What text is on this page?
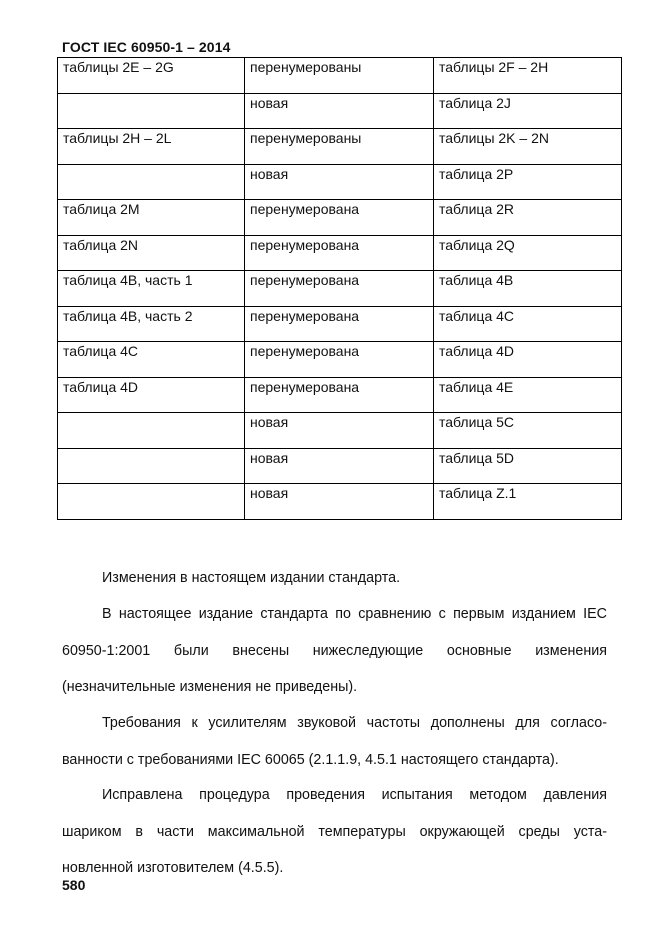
ГОСТ IEC 60950-1 – 2014
таблицы 2E – 2G	перенумерованы	таблицы 2F – 2H
	новая	таблица 2J
таблицы 2H – 2L	перенумерованы	таблицы 2K – 2N
	новая	таблица 2P
таблица 2M	перенумерована	таблица 2R
таблица 2N	перенумерована	таблица 2Q
таблица 4B, часть 1	перенумерована	таблица 4B
таблица 4B, часть 2	перенумерована	таблица 4C
таблица 4C	перенумерована	таблица 4D
таблица 4D	перенумерована	таблица 4E
	новая	таблица 5C
	новая	таблица 5D
	новая	таблица Z.1

Изменения в настоящем издании стандарта.

В настоящее издание стандарта по сравнению с первым изданием IEC 60950-1:2001 были внесены нижеследующие основные изменения (незначительные изменения не приведены).

Требования к усилителям звуковой частоты дополнены для согласо-ванности с требованиями IEC 60065 (2.1.1.9, 4.5.1 настоящего стандарта).

Исправлена процедура проведения испытания методом давления шариком в части максимальной температуры окружающей среды уста-новленной изготовителем (4.5.5).

580
